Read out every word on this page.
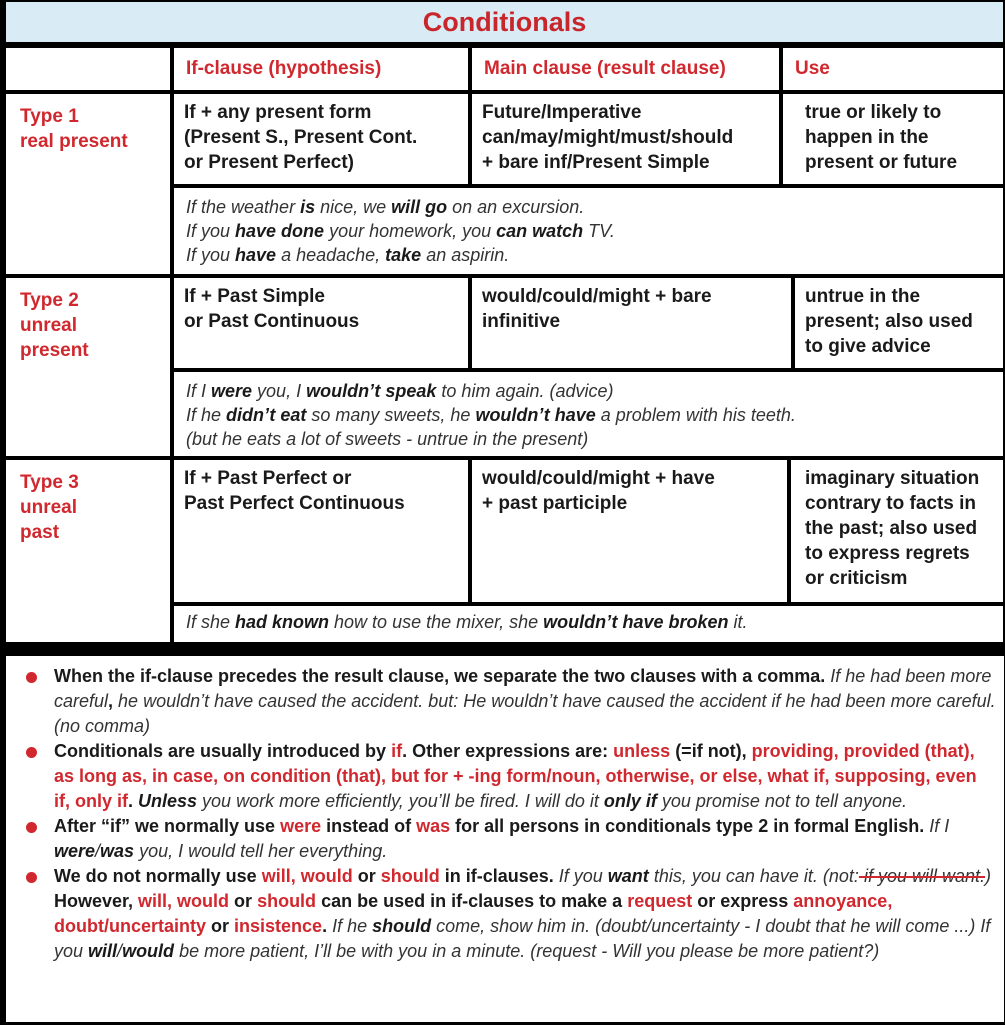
Conditionals
If-clause (hypothesis)	Main clause (result clause)	Use
Type 1
real present
If + any present form
(Present S., Present Cont.
or Present Perfect)
Future/Imperative
can/may/might/must/should
+ bare inf/Present Simple
true or likely to
happen in the
present or future
If the weather is nice, we will go on an excursion.
If you have done your homework, you can watch TV.
If you have a headache, take an aspirin.
Type 2
unreal present
If + Past Simple
or Past Continuous
would/could/might + bare
infinitive
untrue in the
present; also used
to give advice
If I were you, I wouldn’t speak to him again. (advice)
If he didn’t eat so many sweets, he wouldn’t have a problem with his teeth.
(but he eats a lot of sweets - untrue in the present)
Type 3
unreal past
If + Past Perfect or
Past Perfect Continuous
would/could/might + have
+ past participle
imaginary situation
contrary to facts in
the past; also used
to express regrets
or criticism
If she had known how to use the mixer, she wouldn’t have broken it.
When the if-clause precedes the result clause, we separate the two clauses with a comma. If he had been more careful, he wouldn’t have caused the accident. but: He wouldn’t have caused the accident if he had been more careful. (no comma)
Conditionals are usually introduced by if. Other expressions are: unless (=if not), providing, provided (that), as long as, in case, on condition (that), but for + -ing form/noun, otherwise, or else, what if, supposing, even if, only if. Unless you work more efficiently, you’ll be fired. I will do it only if you promise not to tell anyone.
After “if” we normally use were instead of was for all persons in conditionals type 2 in formal English. If I were/was you, I would tell her everything.
We do not normally use will, would or should in if-clauses. If you want this, you can have it. (not: if you will want.) However, will, would or should can be used in if-clauses to make a request or express annoyance, doubt/uncertainty or insistence. If he should come, show him in. (doubt/uncertainty - I doubt that he will come ...) If you will/would be more patient, I’ll be with you in a minute. (request - Will you please be more patient?)
